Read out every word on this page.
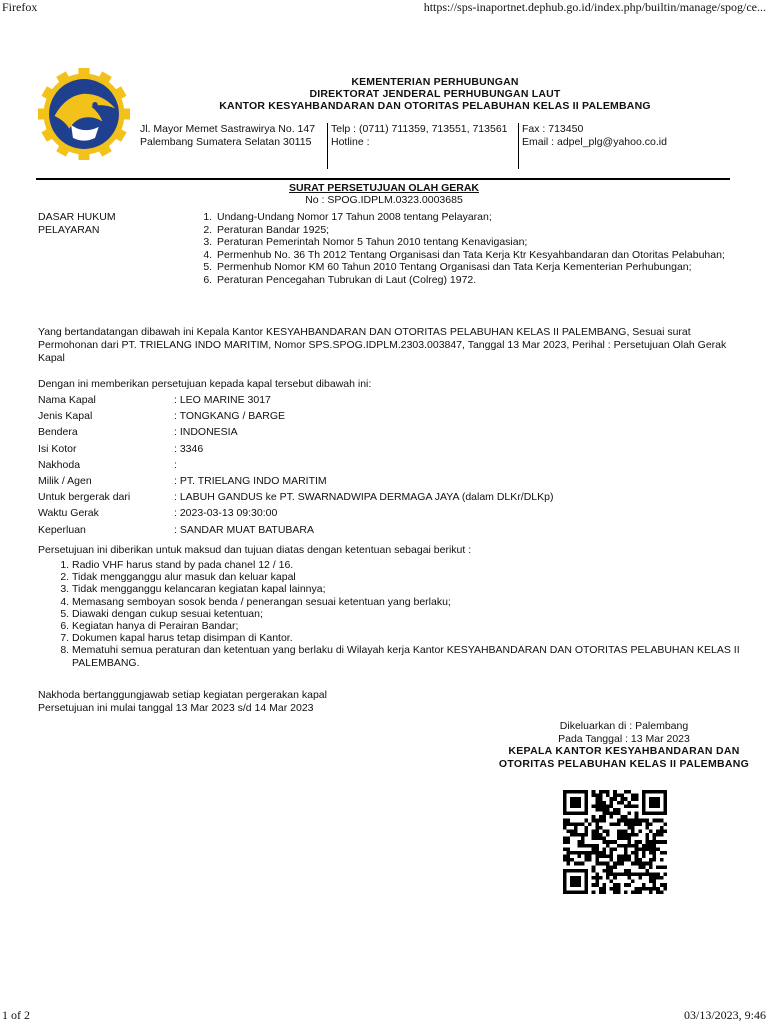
Firefox	https://sps-inaportnet.dephub.go.id/index.php/builtin/manage/spog/ce...
1 of 2	03/13/2023, 9:46
KEMENTERIAN PERHUBUNGAN
DIREKTORAT JENDERAL PERHUBUNGAN LAUT
KANTOR KESYAHBANDARAN DAN OTORITAS PELABUHAN KELAS II PALEMBANG
Jl. Mayor Memet Sastrawirya No. 147 Palembang Sumatera Selatan 30115
Telp : (0711) 711359, 713551, 713561
Hotline :
Fax : 713450
Email : adpel_plg@yahoo.co.id
SURAT PERSETUJUAN OLAH GERAK
No : SPOG.IDPLM.0323.0003685
DASAR HUKUM PELAYARAN
1. Undang-Undang Nomor 17 Tahun 2008 tentang Pelayaran;
2. Peraturan Bandar 1925;
3. Peraturan Pemerintah Nomor 5 Tahun 2010 tentang Kenavigasian;
4. Permenhub No. 36 Th 2012 Tentang Organisasi dan Tata Kerja Ktr Kesyahbandaran dan Otoritas Pelabuhan;
5. Permenhub Nomor KM 60 Tahun 2010 Tentang Organisasi dan Tata Kerja Kementerian Perhubungan;
6. Peraturan Pencegahan Tubrukan di Laut (Colreg) 1972.
Yang bertandatangan dibawah ini Kepala Kantor KESYAHBANDARAN DAN OTORITAS PELABUHAN KELAS II PALEMBANG, Sesuai surat Permohonan dari PT. TRIELANG INDO MARITIM, Nomor SPS.SPOG.IDPLM.2303.003847, Tanggal 13 Mar 2023, Perihal : Persetujuan Olah Gerak Kapal
Dengan ini memberikan persetujuan kepada kapal tersebut dibawah ini:
Nama Kapal	: LEO MARINE 3017
Jenis Kapal	: TONGKANG / BARGE
Bendera	: INDONESIA
Isi Kotor	: 3346
Nakhoda	:
Milik / Agen	: PT. TRIELANG INDO MARITIM
Untuk bergerak dari	: LABUH GANDUS ke PT. SWARNADWIPA DERMAGA JAYA (dalam DLKr/DLKp)
Waktu Gerak	: 2023-03-13 09:30:00
Keperluan	: SANDAR MUAT BATUBARA
Persetujuan ini diberikan untuk maksud dan tujuan diatas dengan ketentuan sebagai berikut :
1. Radio VHF harus stand by pada chanel 12 / 16.
2. Tidak mengganggu alur masuk dan keluar kapal
3. Tidak mengganggu kelancaran kegiatan kapal lainnya;
4. Memasang semboyan sosok benda / penerangan sesuai ketentuan yang berlaku;
5. Diawaki dengan cukup sesuai ketentuan;
6. Kegiatan hanya di Perairan Bandar;
7. Dokumen kapal harus tetap disimpan di Kantor.
8. Mematuhi semua peraturan dan ketentuan yang berlaku di Wilayah kerja Kantor KESYAHBANDARAN DAN OTORITAS PELABUHAN KELAS II PALEMBANG.
Nakhoda bertanggungjawab setiap kegiatan pergerakan kapal
Persetujuan ini mulai tanggal 13 Mar 2023 s/d 14 Mar 2023
Dikeluarkan di : Palembang
Pada Tanggal : 13 Mar 2023
KEPALA KANTOR KESYAHBANDARAN DAN OTORITAS PELABUHAN KELAS II PALEMBANG
